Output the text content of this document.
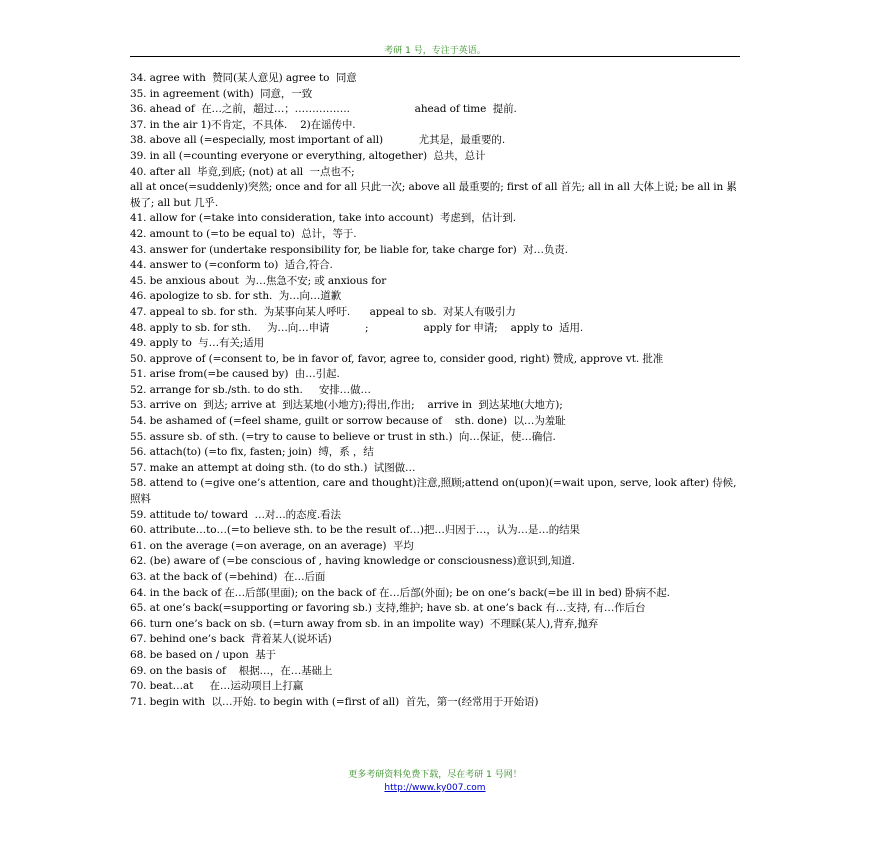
考研 1 号，专注于英语。
34. agree with  赞同(某人意见) agree to  同意
35. in agreement (with)  同意，一致
36. ahead of  在…之前，超过…；…………….                    ahead of time  提前.
37. in the air 1)不肯定，不具体.    2)在谣传中.
38. above all (=especially, most important of all)           尤其是，最重要的.
39. in all (=counting everyone or everything, altogether)  总共，总计
40. after all  毕竟,到底; (not) at all  一点也不;
all at once(=suddenly)突然; once and for all 只此一次; above all 最重要的; first of all 首先; all in all 大体上说; be all in 累极了; all but 几乎.
41. allow for (=take into consideration, take into account)  考虑到，估计到.
42. amount to (=to be equal to)  总计，等于.
43. answer for (undertake responsibility for, be liable for, take charge for)  对…负责.
44. answer to (=conform to)  适合,符合.
45. be anxious about  为…焦急不安; 或 anxious for
46. apologize to sb. for sth.  为…向…道歉
47. appeal to sb. for sth.  为某事向某人呼吁.      appeal to sb.  对某人有吸引力
48. apply to sb. for sth.     为…向…申请           ;                 apply for 申请;    apply to  适用.
49. apply to  与…有关;适用
50. approve of (=consent to, be in favor of, favor, agree to, consider good, right) 赞成, approve vt. 批准
51. arise from(=be caused by)  由…引起.
52. arrange for sb./sth. to do sth.     安排…做…
53. arrive on  到达; arrive at  到达某地(小地方);得出,作出;    arrive in  到达某地(大地方);
54. be ashamed of (=feel shame, guilt or sorrow because of    sth. done)  以…为羞耻
55. assure sb. of sth. (=try to cause to believe or trust in sth.)  向…保证，使…确信.
56. attach(to) (=to fix, fasten; join)  缚，系 ，结
57. make an attempt at doing sth. (to do sth.)  试图做…
58. attend to (=give one’s attention, care and thought)注意,照顾;attend on(upon)(=wait upon, serve, look after) 侍候,照料
59. attitude to/ toward  …对…的态度.看法
60. attribute…to…(=to believe sth. to be the result of…)把…归因于…，认为…是…的结果
61. on the average (=on average, on an average)  平均
62. (be) aware of (=be conscious of , having knowledge or consciousness)意识到,知道.
63. at the back of (=behind)  在…后面
64. in the back of 在…后部(里面); on the back of 在…后部(外面); be on one’s back(=be ill in bed) 卧病不起.
65. at one’s back(=supporting or favoring sb.) 支持,维护; have sb. at one’s back 有…支持, 有…作后台
66. turn one’s back on sb. (=turn away from sb. in an impolite way)  不理睬(某人),背弃,抛弃
67. behind one’s back  背着某人(说坏话)
68. be based on / upon  基于
69. on the basis of    根据…，在…基础上
70. beat…at     在…运动项目上打赢
71. begin with  以…开始. to begin with (=first of all)  首先，第一(经常用于开始语)
更多考研资料免费下载，尽在考研 1 号网！
http://www.ky007.com
